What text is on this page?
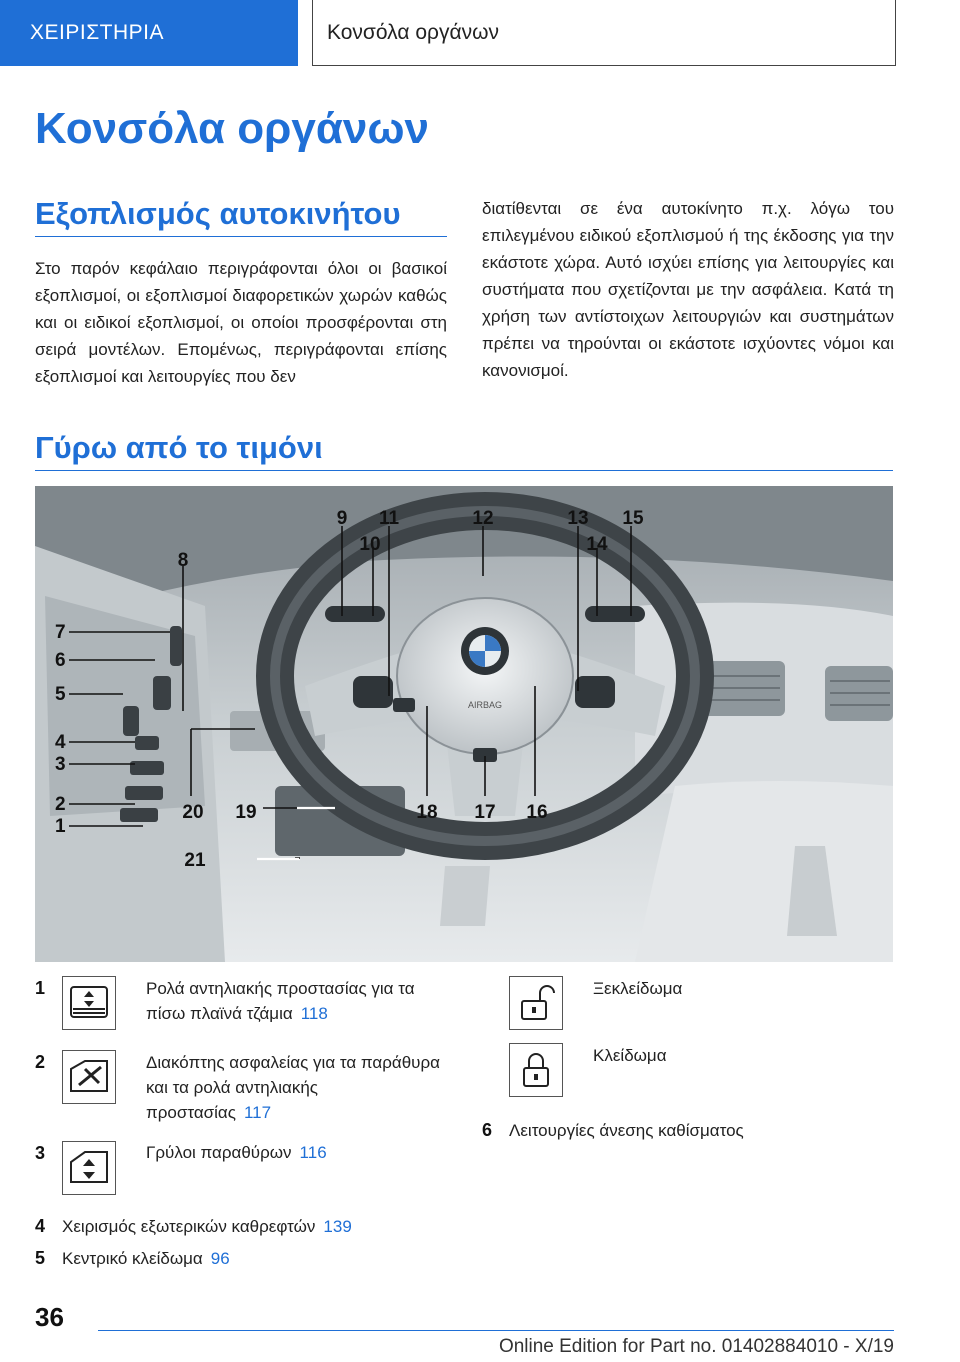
ΧΕΙΡΙΣΤΗΡΙΑ	Κονσόλα οργάνων
Κονσόλα οργάνων
Εξοπλισμός αυτοκινήτου
Στο παρόν κεφάλαιο περιγράφονται όλοι οι βασικοί εξοπλισμοί, οι εξοπλισμοί διαφορετικών χωρών καθώς και οι ειδικοί εξοπλισμοί, οι οποίοι προσφέρονται στη σειρά μοντέλων. Επομένως, περιγράφονται επίσης εξοπλισμοί και λειτουργίες που δεν
διατίθενται σε ένα αυτοκίνητο π.χ. λόγω του επιλεγμένου ειδικού εξοπλισμού ή της έκδοσης για την εκάστοτε χώρα. Αυτό ισχύει επίσης για λειτουργίες και συστήματα που σχετίζονται με την ασφάλεια. Κατά τη χρήση των αντίστοιχων λειτουργιών και συστημάτων πρέπει να τηρούνται οι εκάστοτε ισχύοντες νόμοι και κανονισμοί.
Γύρω από το τιμόνι
AIRBAG
8
9
10
11	12	13
14
15
7
6
5
4
3
2
1
20 19	18 17 16
21
1	Ρολά αντηλιακής προστασίας για τα πίσω πλαϊνά τζάμια 118
2	Διακόπτης ασφαλείας για τα παράθυρα και τα ρολά αντηλιακής προστασίας 117
3	Γρύλοι παραθύρων 116
4 Χειρισμός εξωτερικών καθρεφτών 139
5 Κεντρικό κλείδωμα 96
Ξεκλείδωμα
Κλείδωμα
6 Λειτουργίες άνεσης καθίσματος
36
Online Edition for Part no. 01402884010 - X/19
